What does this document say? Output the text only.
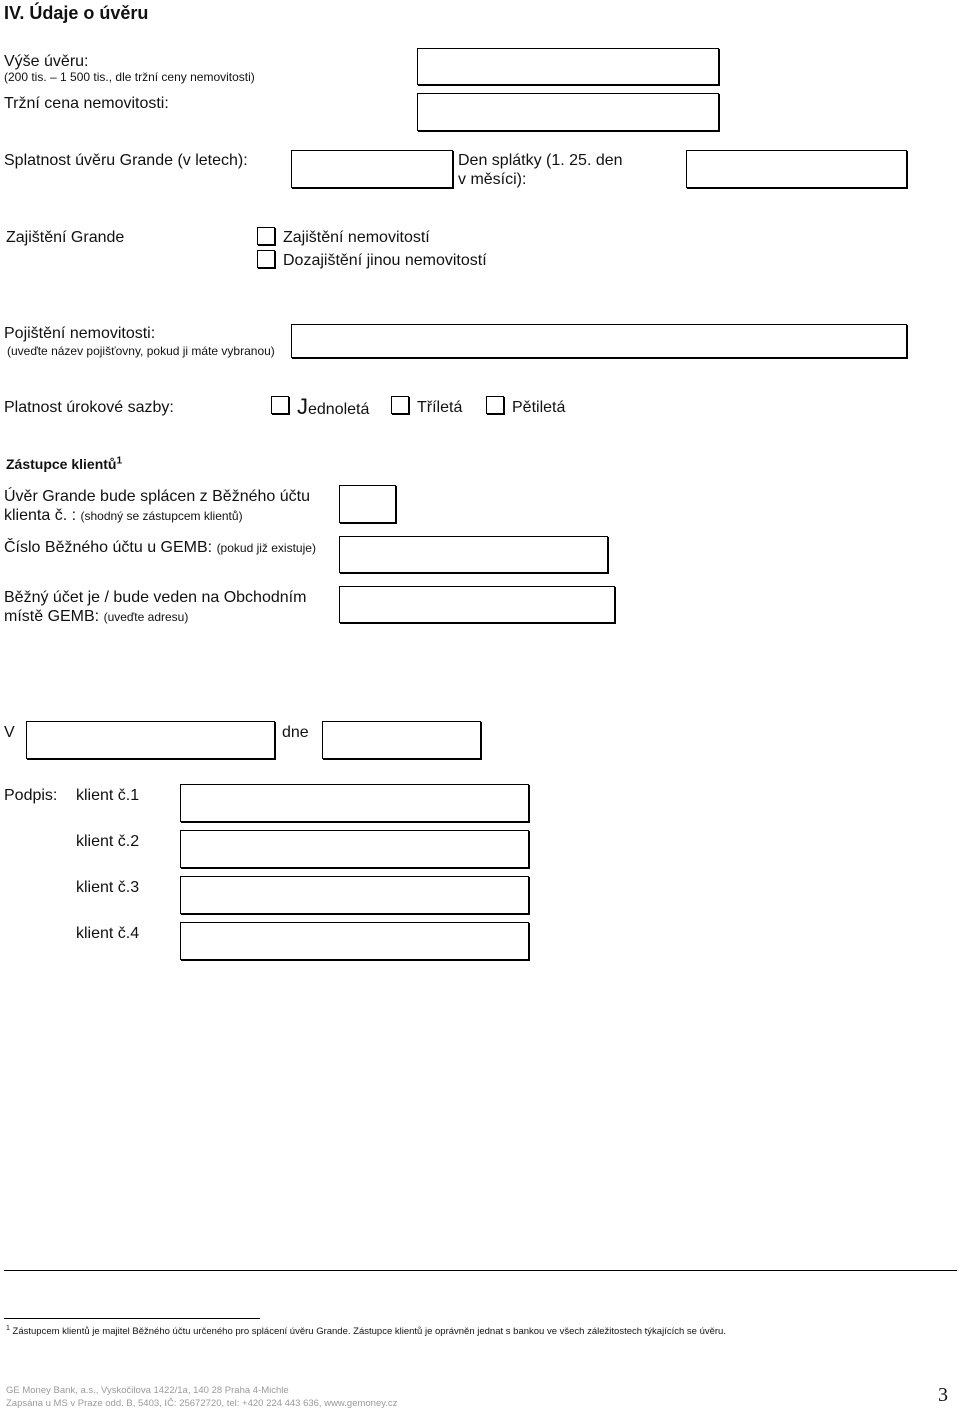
IV. Údaje o úvěru
Výše úvěru:
(200 tis. – 1 500 tis., dle tržní ceny nemovitosti)
Tržní cena nemovitosti:
Splatnost úvěru Grande (v letech):	Den splátky (1. 25. den
v měsíci):
Zajištění Grande	Zajištění nemovitostí
Dozajištění jinou nemovitostí
Pojištění nemovitosti:
(uveďte název pojišťovny, pokud ji máte vybranou)
Platnost úrokové sazby:	Jednoletá	Tříletá	Pětiletá
Zástupce klientů$^1$
Úvěr Grande bude splácen z Běžného účtu
klienta č. : (shodný se zástupcem klientů)
Číslo Běžného účtu u GEMB: (pokud již existuje)
Běžný účet je / bude veden na Obchodním
místě GEMB: (uveďte adresu)
V	dne
Podpis: klient č.1
klient č.2
klient č.3
klient č.4
$^1$ Zástupcem klientů je majitel Běžného účtu určeného pro splácení úvěru Grande. Zástupce klientů je oprávněn jednat s bankou ve všech záležitostech týkajících se úvěru.
GE Money Bank, a.s., Vyskočilova 1422/1a, 140 28 Praha 4-Michle
Zapsána u MS v Praze odd. B, 5403, IČ: 25672720, tel: +420 224 443 636, www.gemoney.cz	3
